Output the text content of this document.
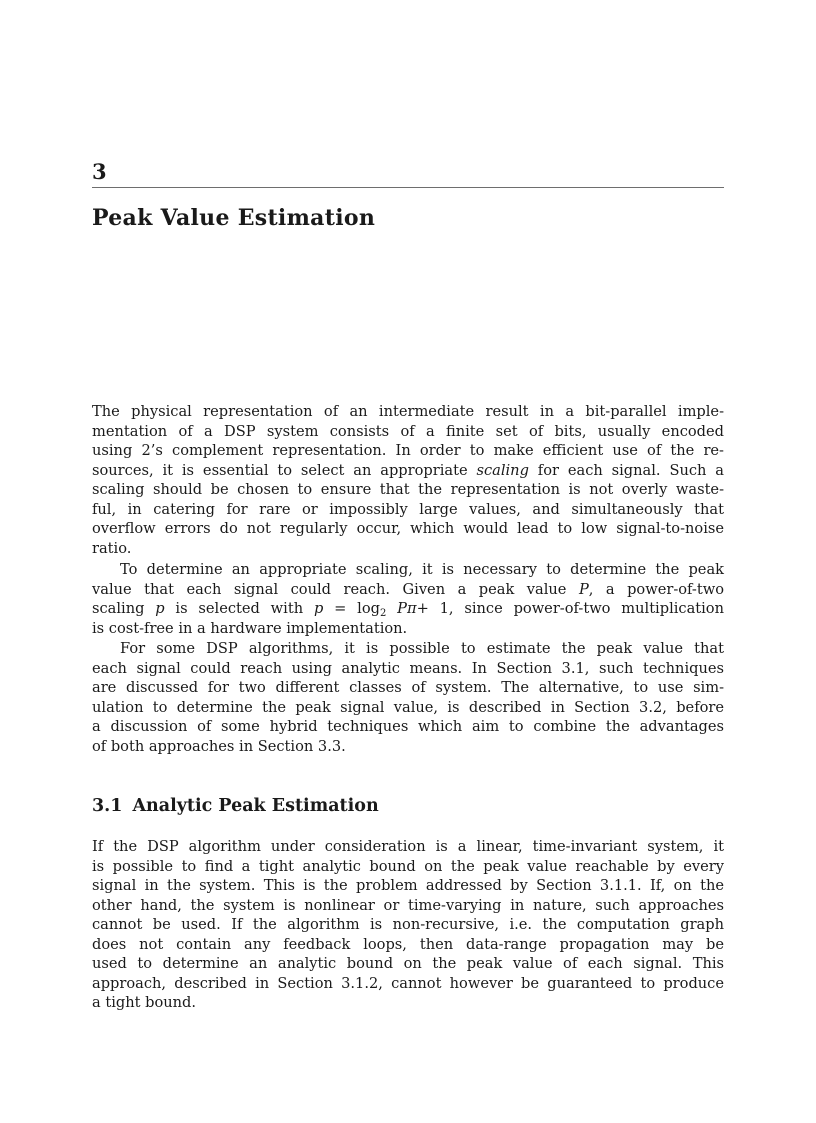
3
Peak Value Estimation

The physical representation of an intermediate result in a bit-parallel imple-
mentation of a DSP system consists of a finite set of bits, usually encoded
using 2’s complement representation. In order to make efficient use of the re-
sources, it is essential to select an appropriate scaling for each signal. Such a
scaling should be chosen to ensure that the representation is not overly waste-
ful, in catering for rare or impossibly large values, and simultaneously that
overflow errors do not regularly occur, which would lead to low signal-to-noise
ratio.

To determine an appropriate scaling, it is necessary to determine the peak
value that each signal could reach. Given a peak value P, a power-of-two
scaling p is selected with $p = \log_2 P\pi+ 1$, since power-of-two multiplication
is cost-free in a hardware implementation.

For some DSP algorithms, it is possible to estimate the peak value that
each signal could reach using analytic means. In Section 3.1, such techniques
are discussed for two different classes of system. The alternative, to use sim-
ulation to determine the peak signal value, is described in Section 3.2, before
a discussion of some hybrid techniques which aim to combine the advantages
of both approaches in Section 3.3.

3.1 Analytic Peak Estimation

If the DSP algorithm under consideration is a linear, time-invariant system, it
is possible to find a tight analytic bound on the peak value reachable by every
signal in the system. This is the problem addressed by Section 3.1.1. If, on the
other hand, the system is nonlinear or time-varying in nature, such approaches
cannot be used. If the algorithm is non-recursive, i.e. the computation graph
does not contain any feedback loops, then data-range propagation may be
used to determine an analytic bound on the peak value of each signal. This
approach, described in Section 3.1.2, cannot however be guaranteed to produce
a tight bound.
